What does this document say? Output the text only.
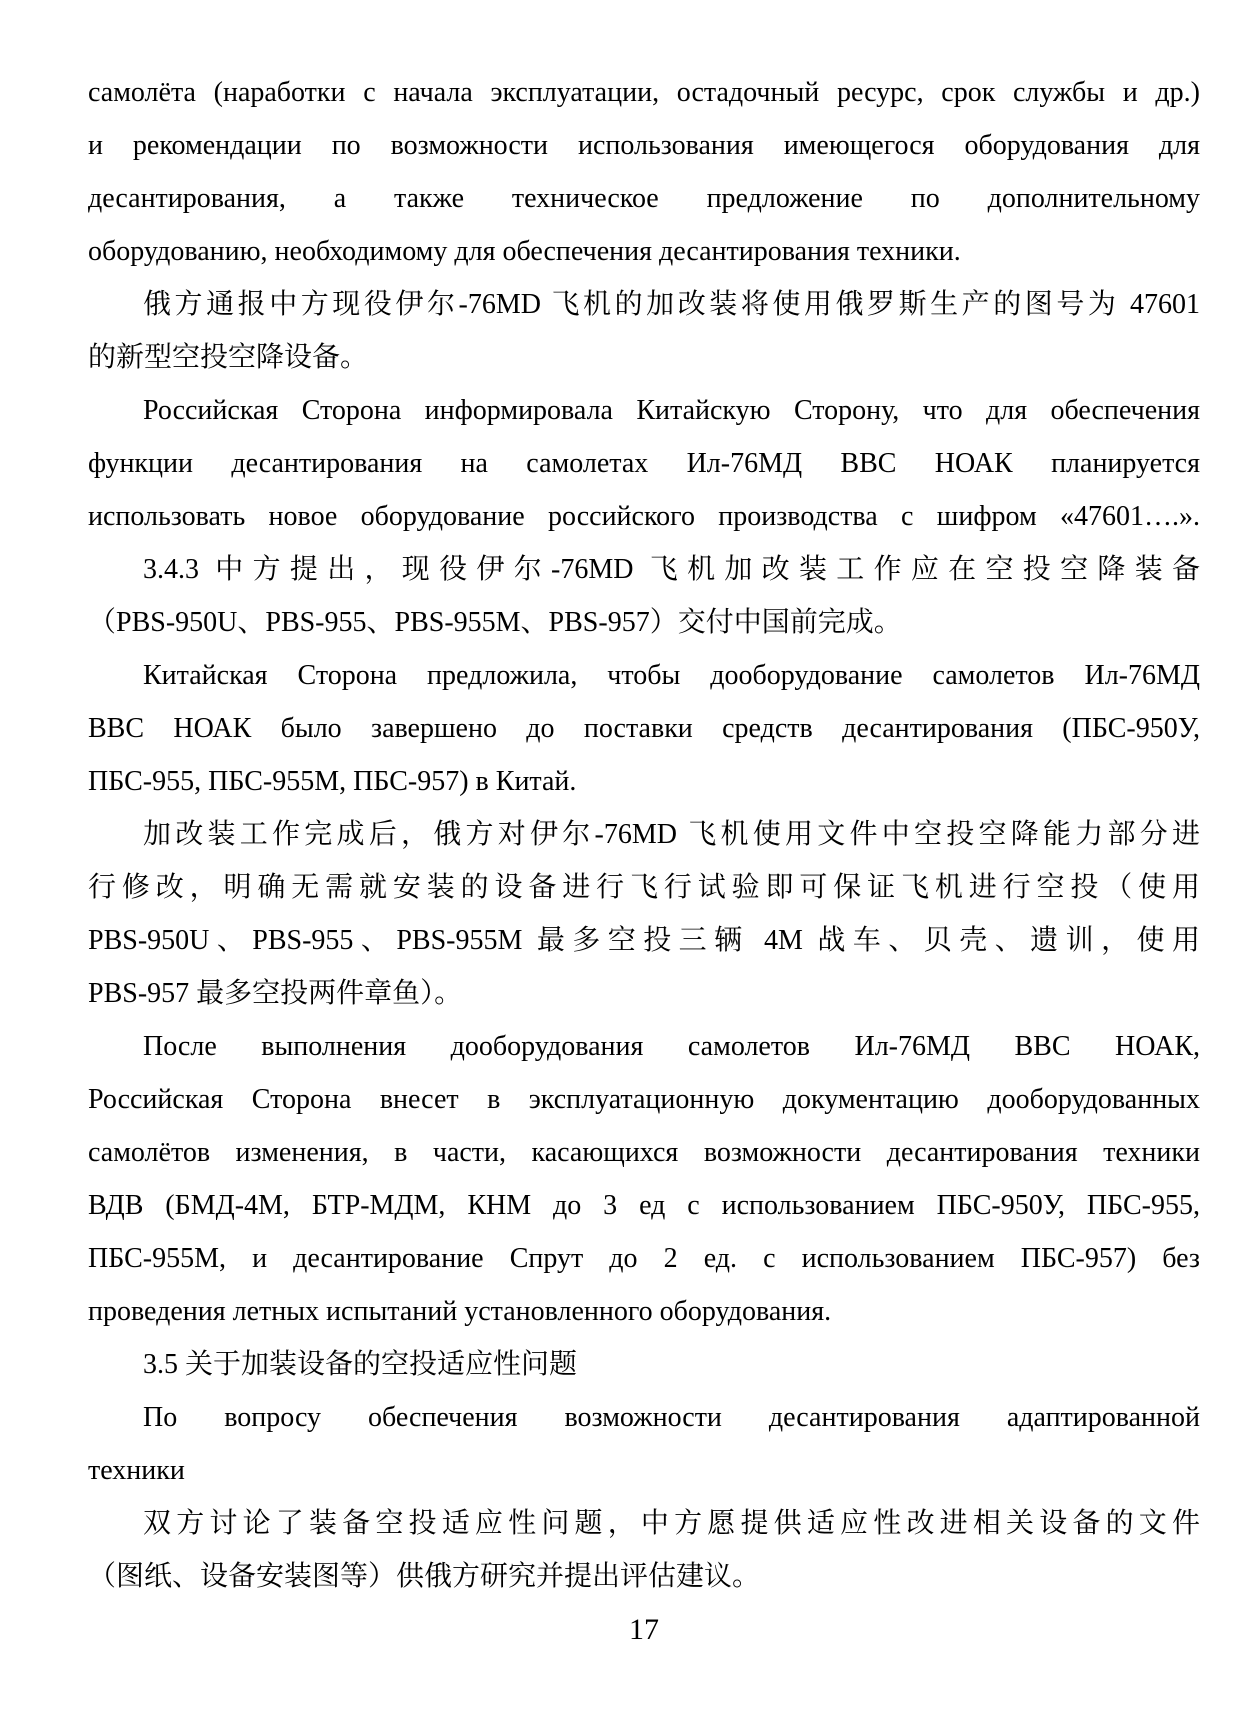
самолёта (наработки с начала эксплуатации, остадочный ресурс, срок службы и др.)
и рекомендации по возможности использования имеющегося оборудования для
десантирования, а также техническое предложение по дополнительному
оборудованию, необходимому для обеспечения десантирования техники.
俄方通报中方现役伊尔-76MD 飞机的加改装将使用俄罗斯生产的图号为 47601
的新型空投空降设备。
Российская Сторона информировала Китайскую Сторону, что для обеспечения
функции десантирования на самолетах Ил-76МД ВВС НОАК планируется
использовать новое оборудование российского производства с шифром «47601….».
3.4.3 中方提出，现役伊尔-76MD 飞机加改装工作应在空投空降装备
（PBS-950U、PBS-955、PBS-955M、PBS-957）交付中国前完成。
Китайская Сторона предложила, чтобы дооборудование самолетов Ил-76МД
ВВС НОАК было завершено до поставки средств десантирования (ПБС-950У,
ПБС-955, ПБС-955М, ПБС-957) в Китай.
加改装工作完成后，俄方对伊尔-76MD 飞机使用文件中空投空降能力部分进
行修改，明确无需就安装的设备进行飞行试验即可保证飞机进行空投（使用
PBS-950U、PBS-955、PBS-955M 最多空投三辆 4M 战车、贝壳、遗训，使用
PBS-957 最多空投两件章鱼）。
После выполнения дооборудования самолетов Ил-76МД ВВС НОАК,
Российская Сторона внесет в эксплуатационную документацию дооборудованных
самолётов изменения, в части, касающихся возможности десантирования техники
ВДВ (БМД-4М, БТР-МДМ, КНМ до 3 ед с использованием ПБС-950У, ПБС-955,
ПБС-955М, и десантирование Спрут до 2 ед. с использованием ПБС-957) без
проведения летных испытаний установленного оборудования.
3.5 关于加装设备的空投适应性问题
По вопросу обеспечения возможности десантирования адаптированной
техники
双方讨论了装备空投适应性问题，中方愿提供适应性改进相关设备的文件
（图纸、设备安装图等）供俄方研究并提出评估建议。
17
